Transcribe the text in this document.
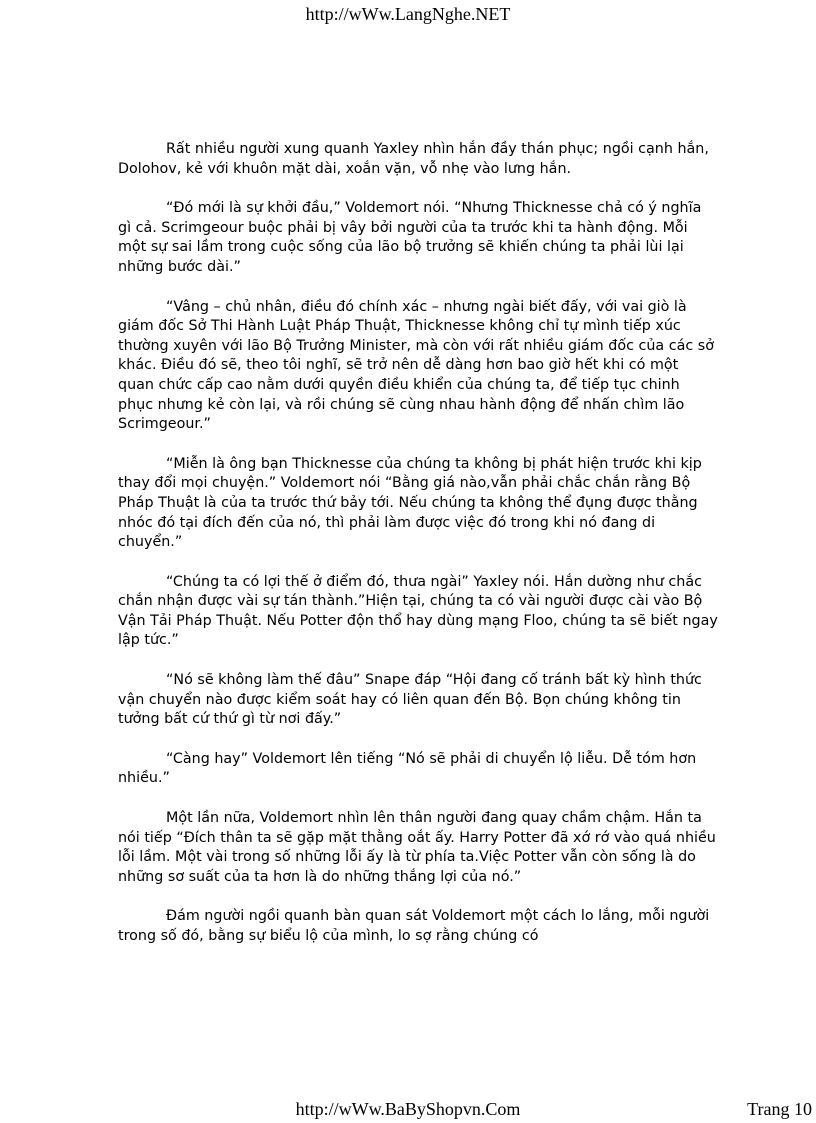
http://wWw.LangNghe.NET

Rất nhiều người xung quanh Yaxley nhìn hắn đầy thán phục; ngồi cạnh hắn, Dolohov, kẻ với khuôn mặt dài, xoắn vặn, vỗ nhẹ vào lưng hắn.

“Đó mới là sự khởi đầu,” Voldemort nói. “Nhưng Thicknesse chả có ý nghĩa gì cả. Scrimgeour buộc phải bị vây bởi người của ta trước khi ta hành động. Mỗi một sự sai lầm trong cuộc sống của lão bộ trưởng sẽ khiến chúng ta phải lùi lại những bước dài.”

“Vâng – chủ nhân, điều đó chính xác – nhưng ngài biết đấy, với vai giò là giám đốc Sở Thi Hành Luật Pháp Thuật, Thicknesse không chỉ tự mình tiếp xúc thường xuyên với lão Bộ Trưởng Minister, mà còn với rất nhiều giám đốc của các sở khác. Điều đó sẽ, theo tôi nghĩ, sẽ trở nên dễ dàng hơn bao giờ hết khi có một quan chức cấp cao nằm dưới quyền điều khiển của chúng ta, để tiếp tục chinh phục nhưng kẻ còn lại, và rồi chúng sẽ cùng nhau hành động để nhấn chìm lão Scrimgeour.”

“Miễn là ông bạn Thicknesse của chúng ta không bị phát hiện trước khi kịp thay đổi mọi chuyện.” Voldemort nói “Bằng giá nào,vẫn phải chắc chắn rằng Bộ Pháp Thuật là của ta trước thứ bảy tới. Nếu chúng ta không thể đụng được thằng nhóc đó tại đích đến của nó, thì phải làm được việc đó trong khi nó đang di chuyển.”

“Chúng ta có lợi thế ở điểm đó, thưa ngài” Yaxley nói. Hắn dường như chắc chắn nhận được vài sự tán thành.”Hiện tại, chúng ta có vài người được cài vào Bộ Vận Tải Pháp Thuật. Nếu Potter độn thổ hay dùng mạng Floo, chúng ta sẽ biết ngay lập tức.”

“Nó sẽ không làm thế đâu” Snape đáp “Hội đang cố tránh bất kỳ hình thức vận chuyển nào được kiểm soát hay có liên quan đến Bộ. Bọn chúng không tin tưởng bất cứ thứ gì từ nơi đấy.”

“Càng hay” Voldemort lên tiếng “Nó sẽ phải di chuyển lộ liễu. Dễ tóm hơn nhiều.”

Một lần nữa, Voldemort nhìn lên thân người đang quay chầm chậm. Hắn ta nói tiếp “Đích thân ta sẽ gặp mặt thằng oắt ấy. Harry Potter đã xớ rớ vào quá nhiều lỗi lầm. Một vài trong số những lỗi ấy là từ phía ta.Việc Potter vẫn còn sống là do những sơ suất của ta hơn là do những thắng lợi của nó.”

Đám người ngồi quanh bàn quan sát Voldemort một cách lo lắng, mỗi người trong số đó, bằng sự biểu lộ của mình, lo sợ rằng chúng có

http://wWw.BaByShopvn.Com	Trang 10
